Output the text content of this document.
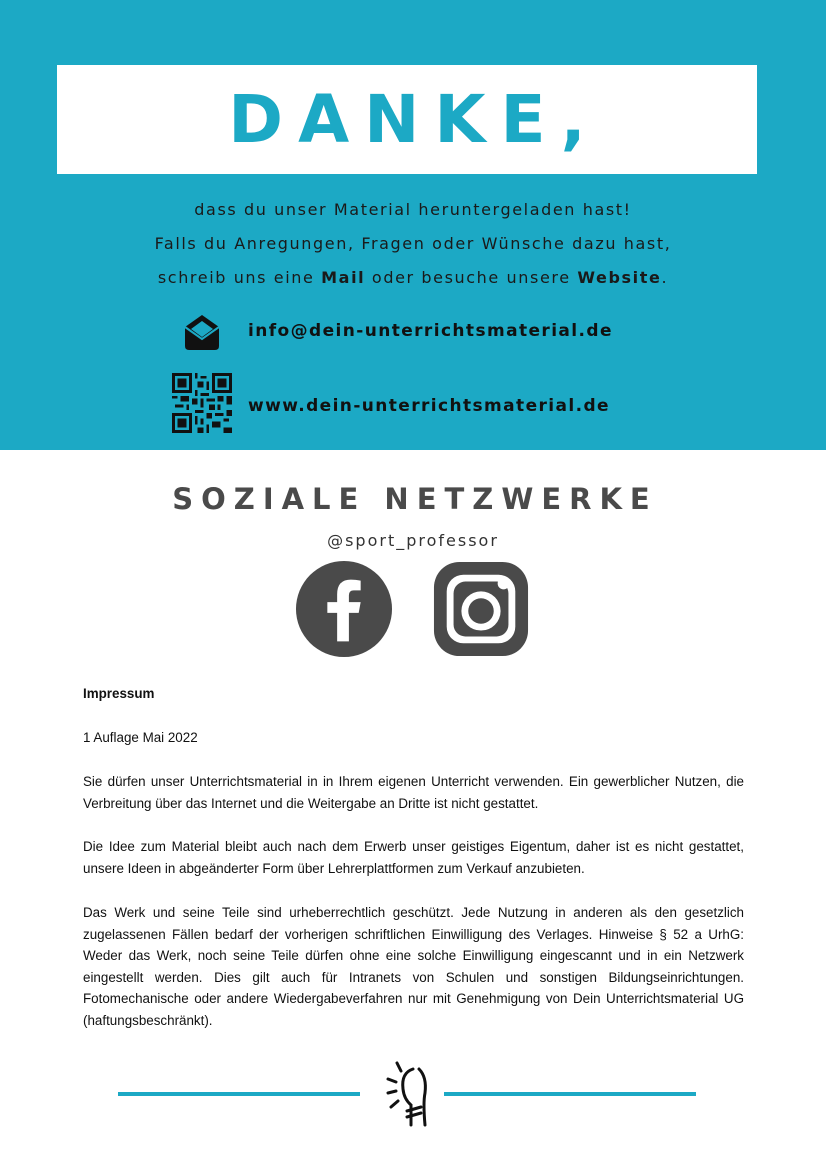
DANKE,
dass du unser Material heruntergeladen hast!
Falls du Anregungen, Fragen oder Wünsche dazu hast,
schreib uns eine Mail oder besuche unsere Website.
info@dein-unterrichtsmaterial.de
www.dein-unterrichtsmaterial.de
SOZIALE NETZWERKE
@sport_professor
Impressum
1 Auflage Mai 2022
Sie dürfen unser Unterrichtsmaterial in in Ihrem eigenen Unterricht verwenden. Ein gewerblicher Nutzen, die Verbreitung über das Internet und die Weitergabe an Dritte ist nicht gestattet.
Die Idee zum Material bleibt auch nach dem Erwerb unser geistiges Eigentum, daher ist es nicht gestattet, unsere Ideen in abgeänderter Form über Lehrerplattformen zum Verkauf anzubieten.
Das Werk und seine Teile sind urheberrechtlich geschützt. Jede Nutzung in anderen als den gesetzlich zugelassenen Fällen bedarf der vorherigen schriftlichen Einwilligung des Verlages. Hinweise § 52 a UrhG: Weder das Werk, noch seine Teile dürfen ohne eine solche Einwilligung eingescannt und in ein Netzwerk eingestellt werden. Dies gilt auch für Intranets von Schulen und sonstigen Bildungseinrichtungen. Fotomechanische oder andere Wiedergabeverfahren nur mit Genehmigung von Dein Unterrichtsmaterial UG (haftungsbeschränkt).
